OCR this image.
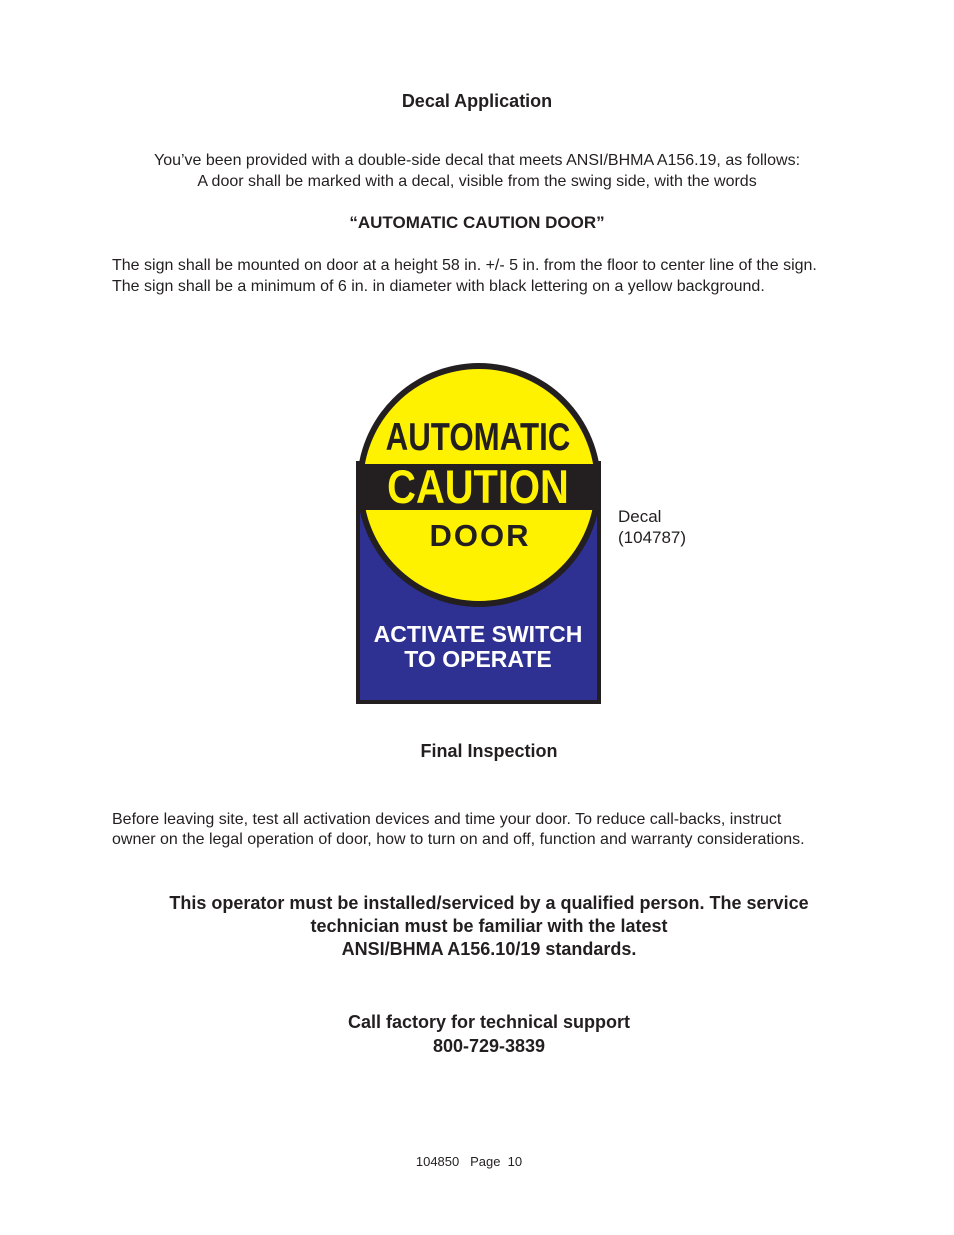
Decal Application
You’ve been provided with a double-side decal that meets ANSI/BHMA A156.19, as follows:
A door shall be marked with a decal, visible from the swing side, with the words
“AUTOMATIC CAUTION DOOR”
The sign shall be mounted on door at a height 58 in. +/- 5 in. from the floor to center line of the sign.
The sign shall be a minimum of 6 in. in diameter with black lettering on a yellow background.
AUTOMATIC
CAUTION
DOOR
ACTIVATE SWITCH
TO OPERATE
Decal
(104787)
Final Inspection
Before leaving site, test all activation devices and time your door. To reduce call-backs, instruct
owner on the legal operation of door, how to turn on and off, function and warranty considerations.
This operator must be installed/serviced by a qualified person. The service
technician must be familiar with the latest
ANSI/BHMA A156.10/19 standards.
Call factory for technical support
800-729-3839
104850   Page  10
